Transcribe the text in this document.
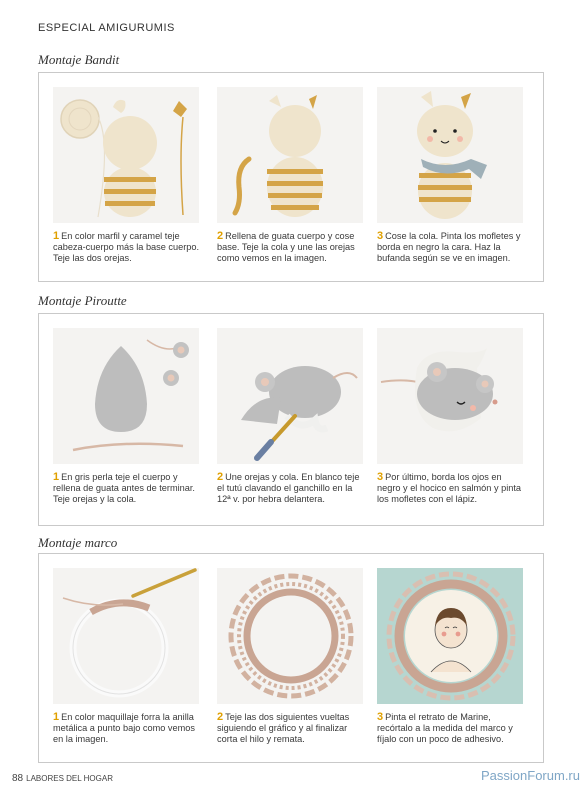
ESPECIAL AMIGURUMIS
Montaje Bandit
1 En color marfil y caramel teje cabeza-cuerpo más la base cuerpo. Teje las dos orejas.
2 Rellena de guata cuerpo y cose base. Teje la cola y une las orejas como vemos en la imagen.
3 Cose la cola. Pinta los mofletes y borda en negro la cara. Haz la bufanda según se ve en imagen.
Montaje Piroutte
1 En gris perla teje el cuerpo y rellena de guata antes de terminar. Teje orejas y la cola.
2 Une orejas y cola. En blanco teje el tutú clavando el ganchillo en la 12ª v. por hebra delantera.
3 Por último, borda los ojos en negro y el hocico en salmón y pinta los mofletes con el lápiz.
Montaje marco
1 En color maquillaje forra la anilla metálica a punto bajo como vemos en la imagen.
2 Teje las dos siguientes vueltas siguiendo el gráfico y al finalizar corta el hilo y remata.
3 Pinta el retrato de Marine, recórtalo a la medida del marco y fíjalo con un poco de adhesivo.
88 LABORES DEL HOGAR	PassionForum.ru
